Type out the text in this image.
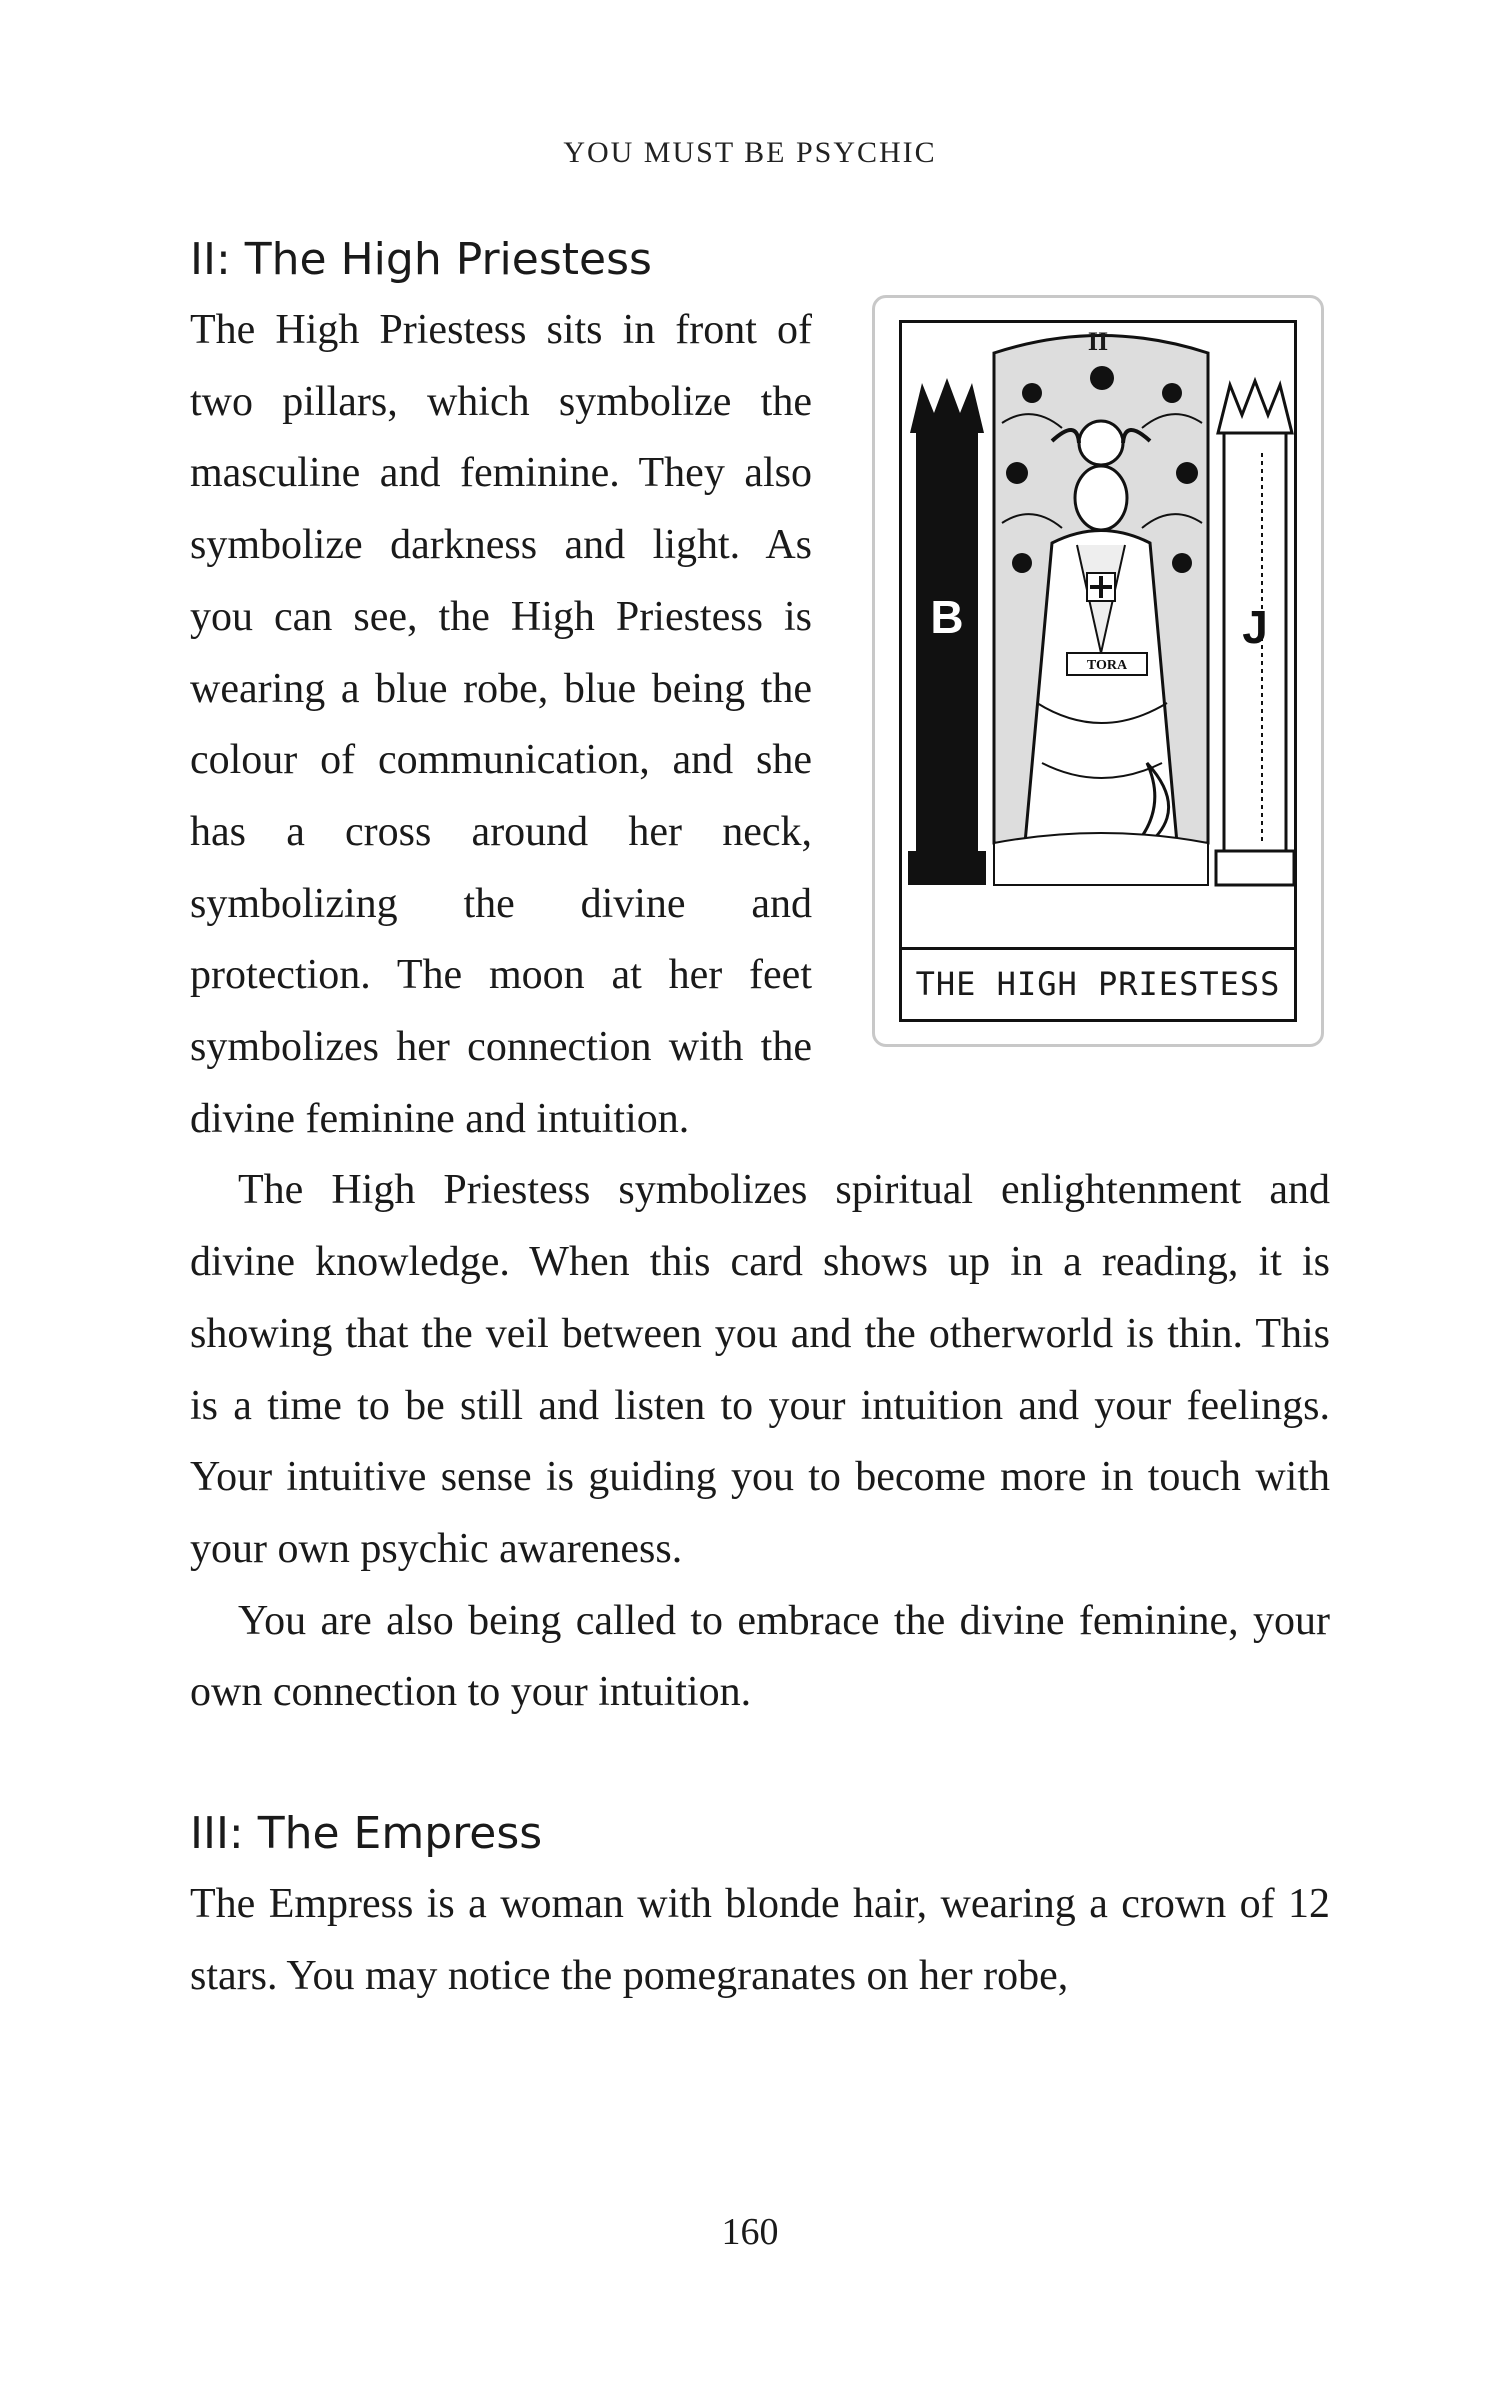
YOU MUST BE PSYCHIC
II: The High Priestess
B	J
TORA
II
THE HIGH PRIESTESS

The High Priestess sits in front of two pillars, which symbolize the masculine and feminine. They also symbolize darkness and light. As you can see, the High Priestess is wearing a blue robe, blue being the colour of communication, and she has a cross around her neck, symbolizing the divine and protection. The moon at her feet symbolizes her connection with the divine feminine and intuition.

The High Priestess symbolizes spiritual enlightenment and divine knowledge. When this card shows up in a reading, it is showing that the veil between you and the otherworld is thin. This is a time to be still and listen to your intuition and your feelings. Your intuitive sense is guiding you to become more in touch with your own psychic awareness.

You are also being called to embrace the divine feminine, your own connection to your intuition.

III: The Empress

The Empress is a woman with blonde hair, wearing a crown of 12 stars. You may notice the pomegranates on her robe,

160
